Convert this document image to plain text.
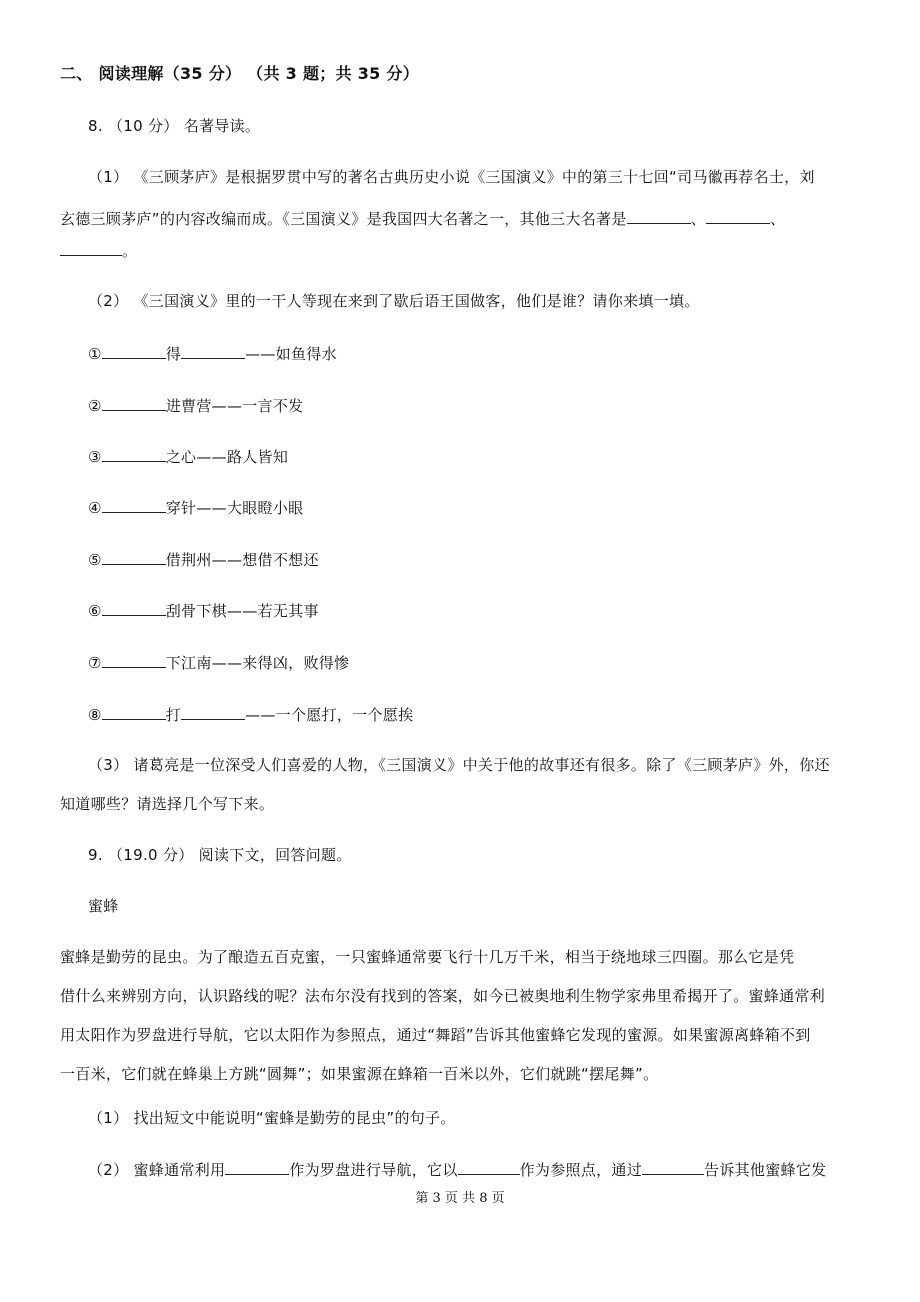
二、 阅读理解（35 分） （共 3 题；共 35 分）
8. （10 分） 名著导读。
（1） 《三顾茅庐》是根据罗贯中写的著名古典历史小说《三国演义》中的第三十七回“司马徽再荐名士，刘
玄德三顾茅庐”的内容改编而成。《三国演义》是我国四大名著之一，其他三大名著是	、	、
。
（2） 《三国演义》里的一干人等现在来到了歇后语王国做客，他们是谁？请你来填一填。
①	得	——如鱼得水
②	进曹营——一言不发
③	之心——路人皆知
④	穿针——大眼瞪小眼
⑤	借荆州——想借不想还
⑥	刮骨下棋——若无其事
⑦	下江南——来得凶，败得惨
⑧	打	——一个愿打，一个愿挨
（3） 诸葛亮是一位深受人们喜爱的人物，《三国演义》中关于他的故事还有很多。除了《三顾茅庐》外，你还
知道哪些？请选择几个写下来。
9. （19.0 分） 阅读下文，回答问题。
蜜蜂
蜜蜂是勤劳的昆虫。为了酿造五百克蜜，一只蜜蜂通常要飞行十几万千米，相当于绕地球三四圈。那么它是凭
借什么来辨别方向，认识路线的呢？法布尔没有找到的答案，如今已被奥地利生物学家弗里希揭开了。蜜蜂通常利
用太阳作为罗盘进行导航，它以太阳作为参照点，通过“舞蹈”告诉其他蜜蜂它发现的蜜源。如果蜜源离蜂箱不到
一百米，它们就在蜂巢上方跳“圆舞”；如果蜜源在蜂箱一百米以外，它们就跳“摆尾舞”。
（1） 找出短文中能说明“蜜蜂是勤劳的昆虫”的句子。
（2） 蜜蜂通常利用	作为罗盘进行导航，它以	作为参照点，通过	告诉其他蜜蜂它发
第 3 页 共 8 页
